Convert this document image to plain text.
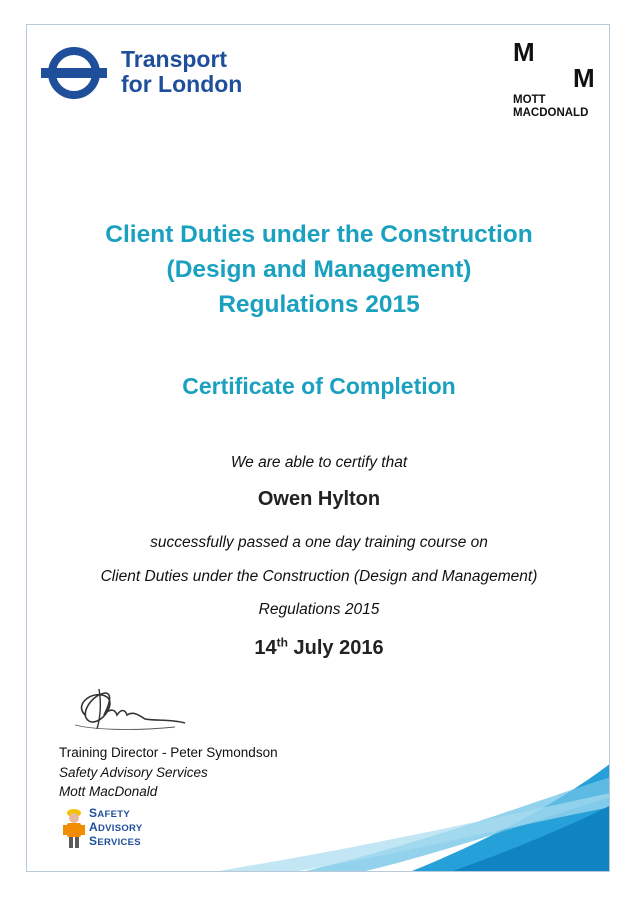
Transport
for London
M
M
MOTT
MACDONALD
Client Duties under the Construction
(Design and Management)
Regulations 2015
Certificate of Completion
We are able to certify that
Owen Hylton
successfully passed a one day training course on
Client Duties under the Construction (Design and Management)
Regulations 2015
14th July 2016
Training Director - Peter Symondson
Safety Advisory Services
Mott MacDonald
SAFETY
ADVISORY
SERVICES
